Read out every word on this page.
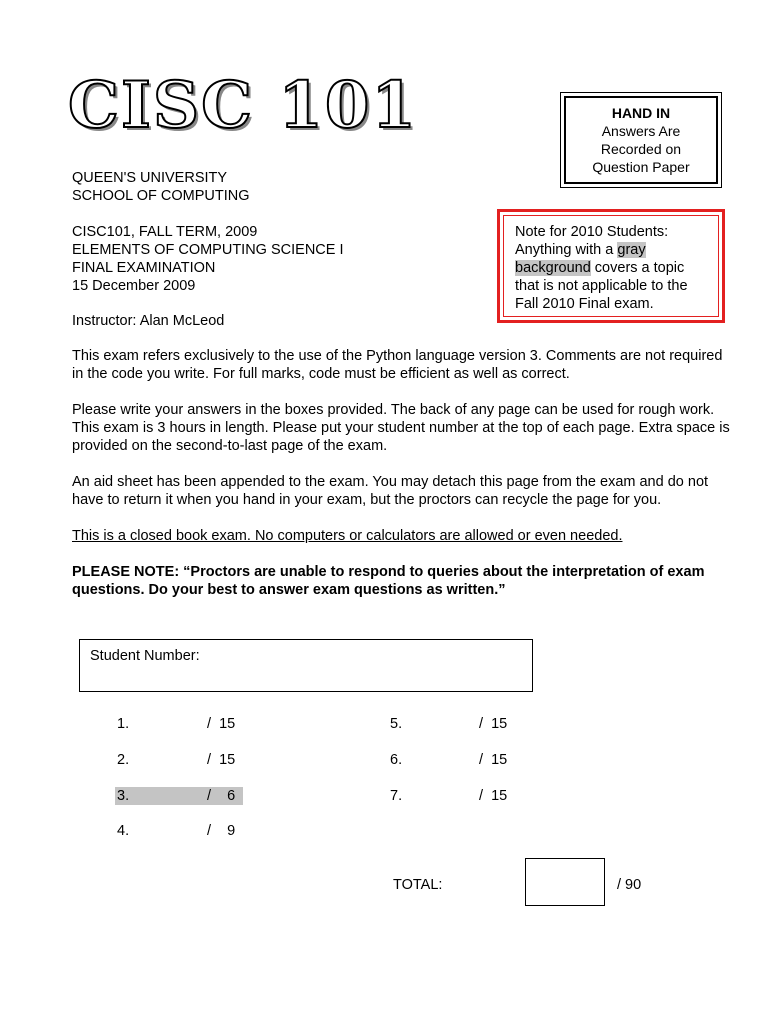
CISC 101	HAND IN
Answers Are
Recorded on
Question Paper
QUEEN'S UNIVERSITY
SCHOOL OF COMPUTING
CISC101, FALL TERM, 2009
ELEMENTS OF COMPUTING SCIENCE I
FINAL EXAMINATION
15 December 2009
Instructor: Alan McLeod
Note for 2010 Students:
Anything with a gray
background covers a topic
that is not applicable to the
Fall 2010 Final exam.
This exam refers exclusively to the use of the Python language version 3. Comments are not required in the code you write. For full marks, code must be efficient as well as correct.
Please write your answers in the boxes provided. The back of any page can be used for rough work. This exam is 3 hours in length. Please put your student number at the top of each page. Extra space is provided on the second-to-last page of the exam.
An aid sheet has been appended to the exam. You may detach this page from the exam and do not have to return it when you hand in your exam, but the proctors can recycle the page for you.
This is a closed book exam. No computers or calculators are allowed or even needed.
PLEASE NOTE: “Proctors are unable to respond to queries about the interpretation of exam questions. Do your best to answer exam questions as written.”
Student Number:
1.	/  15
2.	/  15
3.	/    6
4.	/    9
5.	/  15
6.	/  15
7.	/  15
TOTAL:	/ 90
